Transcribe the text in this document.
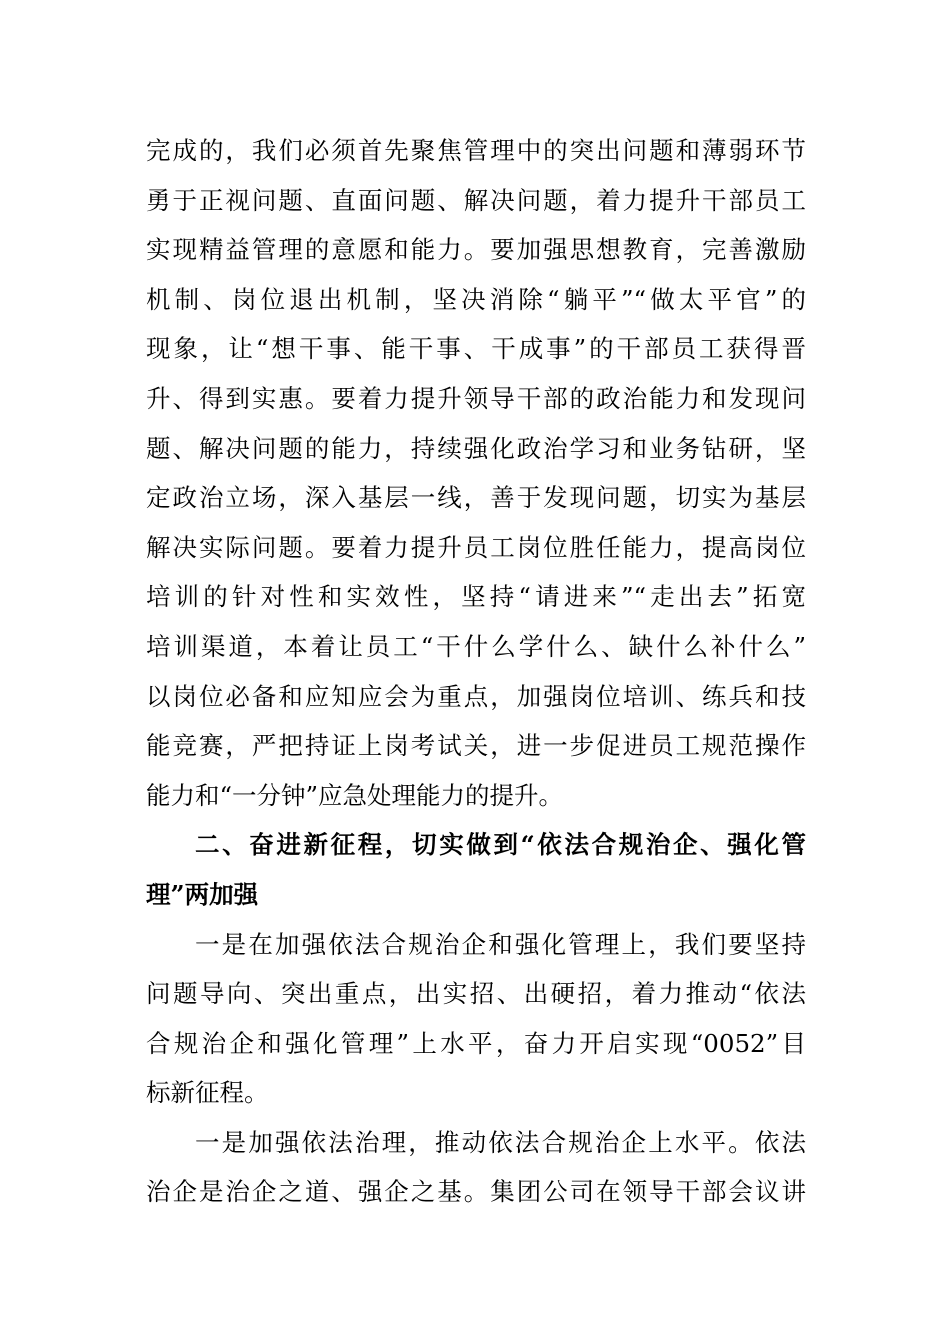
完成的，我们必须首先聚焦管理中的突出问题和薄弱环节
勇于正视问题、直面问题、解决问题，着力提升干部员工
实现精益管理的意愿和能力。要加强思想教育，完善激励
机制、岗位退出机制，坚决消除“躺平”“做太平官”的
现象，让“想干事、能干事、干成事”的干部员工获得晋
升、得到实惠。要着力提升领导干部的政治能力和发现问
题、解决问题的能力，持续强化政治学习和业务钻研，坚
定政治立场，深入基层一线，善于发现问题，切实为基层
解决实际问题。要着力提升员工岗位胜任能力，提高岗位
培训的针对性和实效性，坚持“请进来”“走出去”拓宽
培训渠道，本着让员工“干什么学什么、缺什么补什么”
以岗位必备和应知应会为重点，加强岗位培训、练兵和技
能竞赛，严把持证上岗考试关，进一步促进员工规范操作
能力和“一分钟”应急处理能力的提升。
二、奋进新征程，切实做到“依法合规治企、强化管
理”两加强
一是在加强依法合规治企和强化管理上，我们要坚持
问题导向、突出重点，出实招、出硬招，着力推动“依法
合规治企和强化管理”上水平，奋力开启实现“0052”目
标新征程。
一是加强依法治理，推动依法合规治企上水平。依法
治企是治企之道、强企之基。集团公司在领导干部会议讲
